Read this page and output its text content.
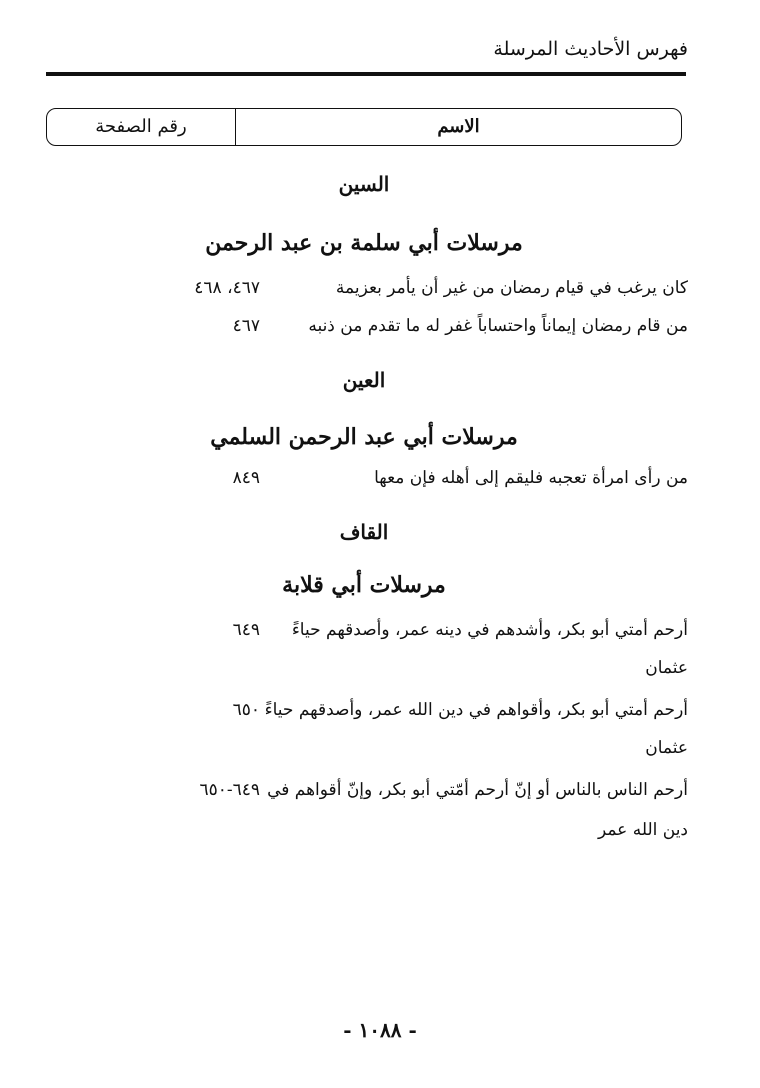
فهرس الأحاديث المرسلة
الاسم
رقم الصفحة
السين
مرسلات أبي سلمة بن عبد الرحمن
كان يرغب في قيام رمضان من غير أن يأمر بعزيمة
٤٦٧، ٤٦٨
من قام رمضان إيماناً واحتساباً غفر له ما تقدم من ذنبه
٤٦٧
العين
مرسلات أبي عبد الرحمن السلمي
من رأى امرأة تعجبه فليقم إلى أهله فإن معها
٨٤٩
القاف
مرسلات أبي قلابة
أرحم أمتي أبو بكر، وأشدهم في دينه عمر، وأصدقهم حياءً
٦٤٩
عثمان
أرحم أمتي أبو بكر، وأقواهم في دين الله عمر، وأصدقهم حياءً
٦٥٠
عثمان
أرحم الناس بالناس أو إنّ أرحم أمّتي أبو بكر، وإنّ أقواهم في
٦٤٩-٦٥٠
دين الله عمر
- ١٠٨٨ -
